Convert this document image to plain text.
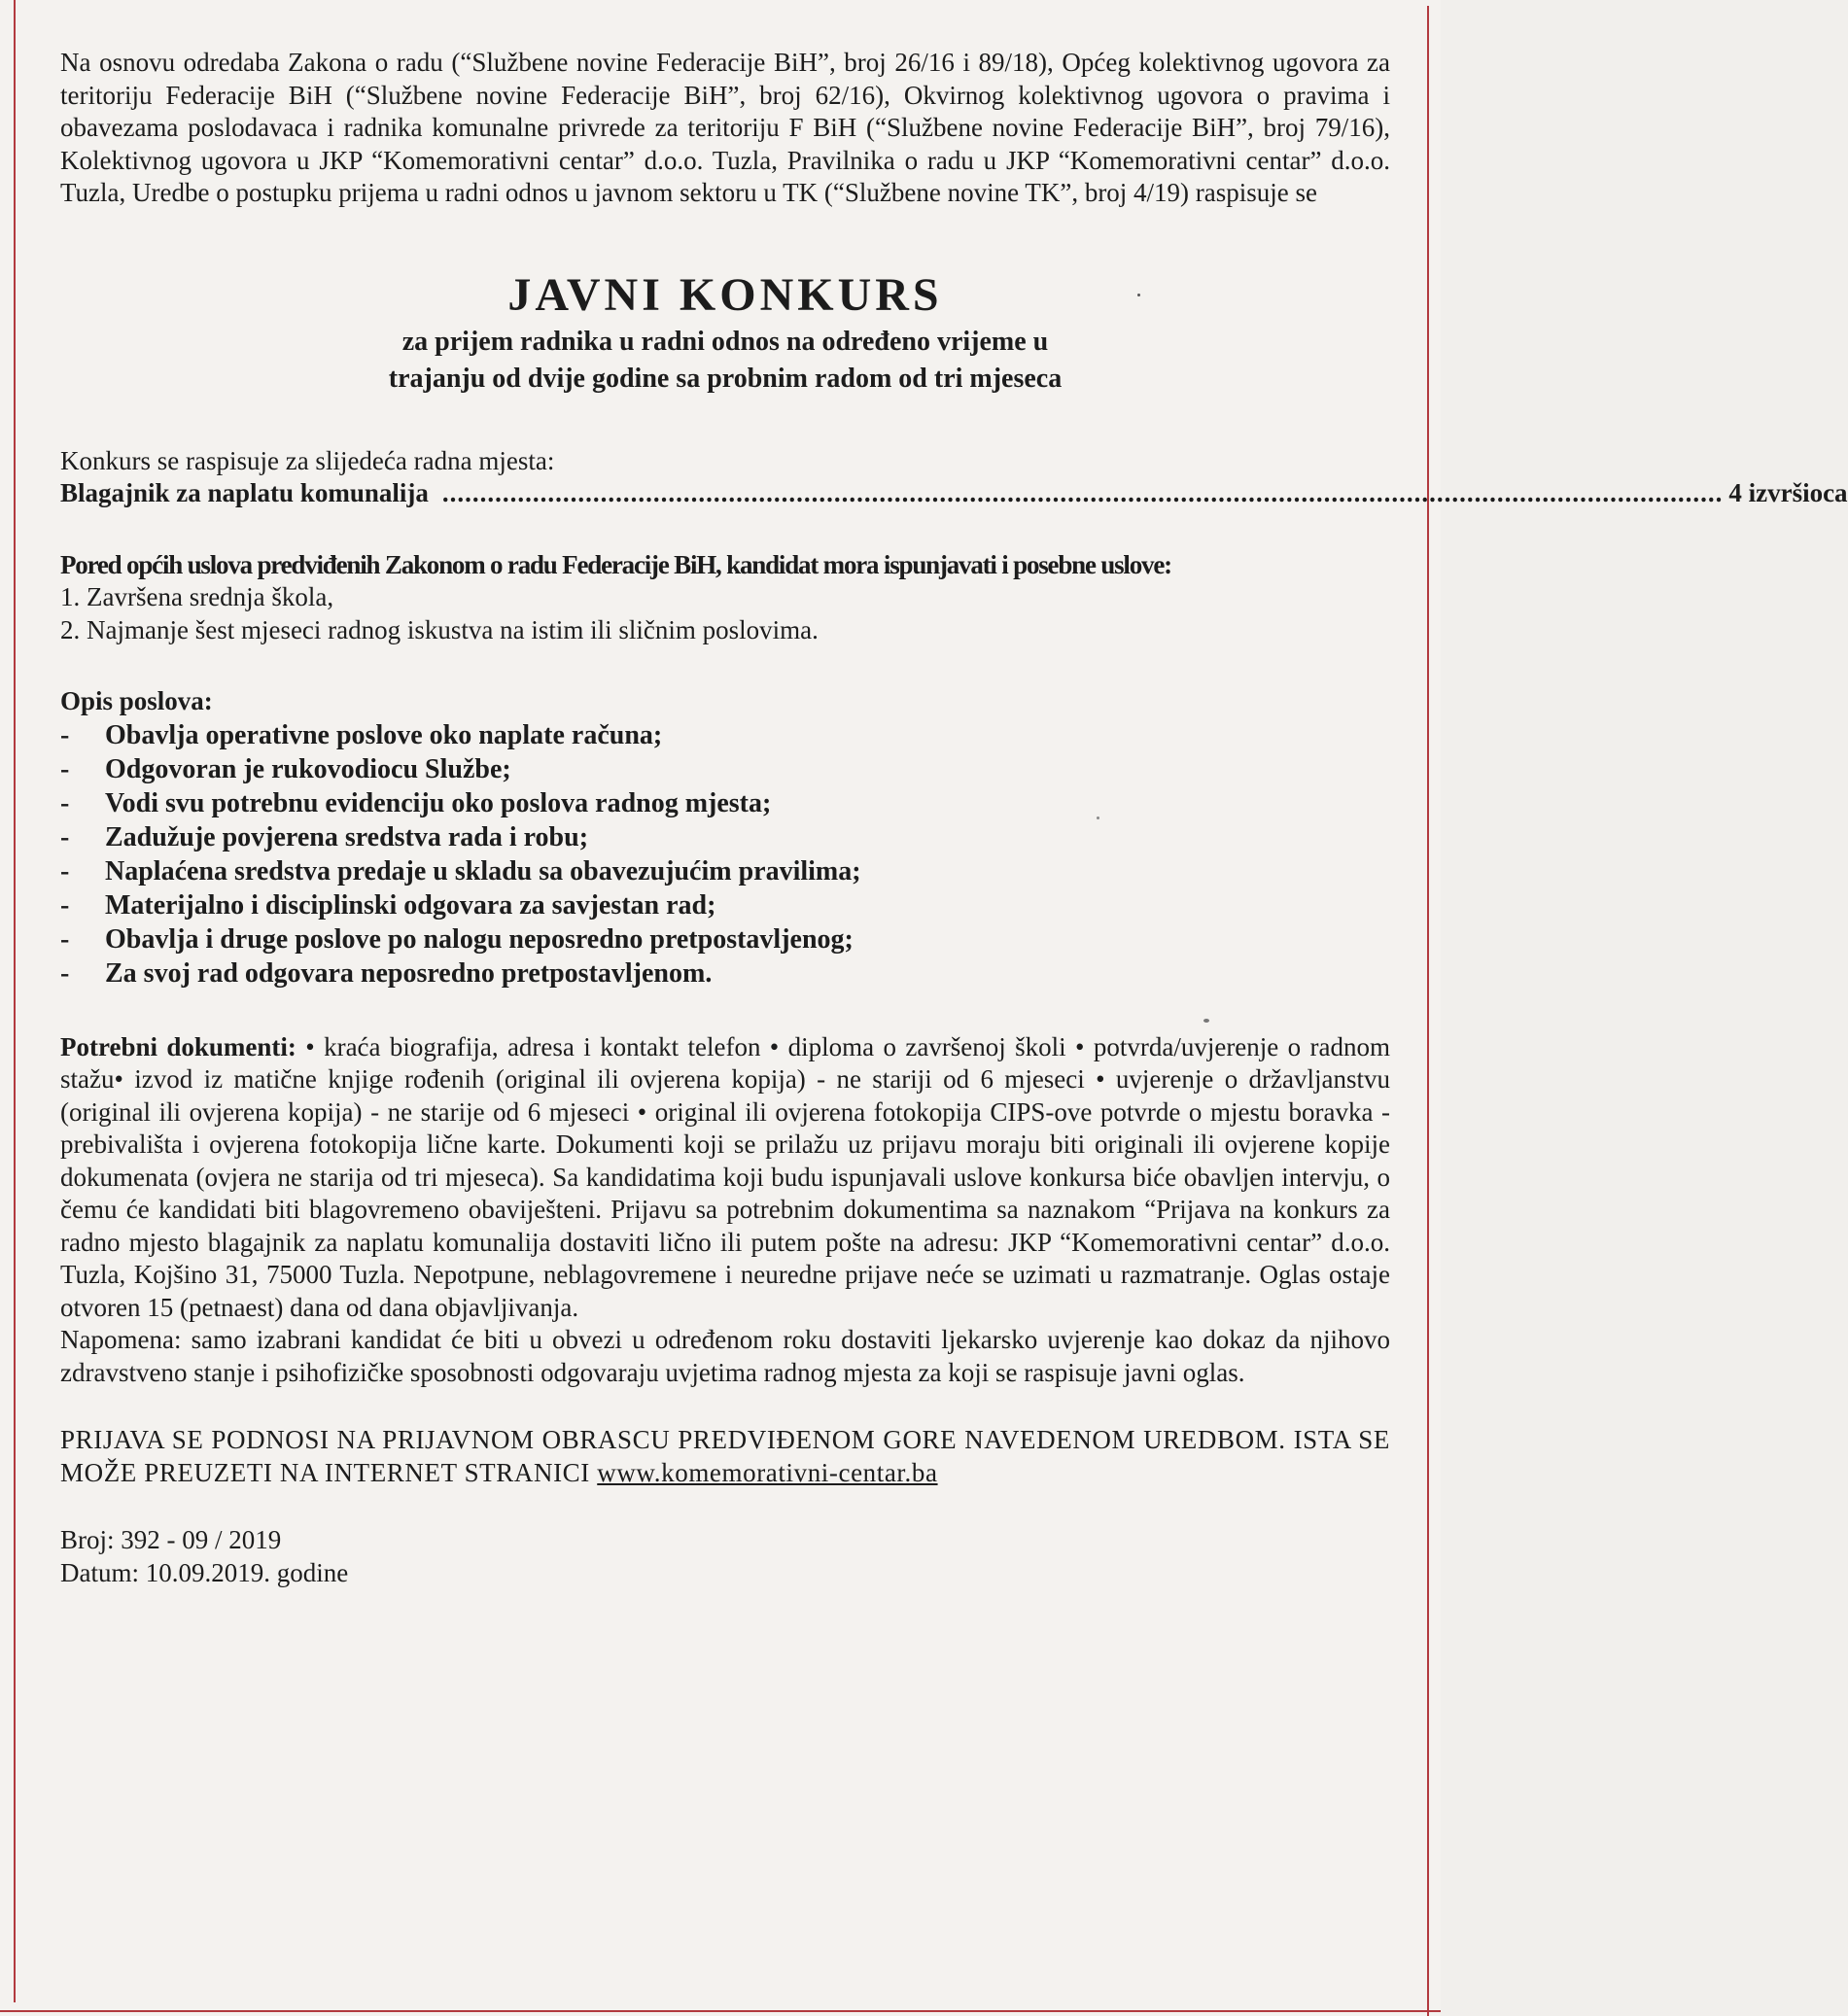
Na osnovu odredaba Zakona o radu (“Službene novine Federacije BiH”, broj 26/16 i 89/18), Općeg kolektivnog ugovora za teritoriju Federacije BiH (“Službene novine Federacije BiH”, broj 62/16), Okvirnog kolektivnog ugovora o pravima i obavezama poslodavaca i radnika komunalne privrede za teritoriju F BiH (“Službene novine Federacije BiH”, broj 79/16), Kolektivnog ugovora u JKP “Komemorativni centar” d.o.o. Tuzla, Pravilnika o radu u JKP “Komemorativni centar” d.o.o. Tuzla, Uredbe o postupku prijema u radni odnos u javnom sektoru u TK (“Službene novine TK”, broj 4/19) raspisuje se
JAVNI KONKURS
za prijem radnika u radni odnos na određeno vrijeme u
trajanju od dvije godine sa probnim radom od tri mjeseca
Konkurs se raspisuje za slijedeća radna mjesta:
Blagajnik za naplatu komunalija .......................................................................................................................................................................... 4 izvršioca
Pored općih uslova predviđenih Zakonom o radu Federacije BiH, kandidat mora ispunjavati i posebne uslove:
1. Završena srednja škola,
2. Najmanje šest mjeseci radnog iskustva na istim ili sličnim poslovima.
Opis poslova:
-	Obavlja operativne poslove oko naplate računa;
-	Odgovoran je rukovodiocu Službe;
-	Vodi svu potrebnu evidenciju oko poslova radnog mjesta;
-	Zadužuje povjerena sredstva rada i robu;
-	Naplaćena sredstva predaje u skladu sa obavezujućim pravilima;
-	Materijalno i disciplinski odgovara za savjestan rad;
-	Obavlja i druge poslove po nalogu neposredno pretpostavljenog;
-	Za svoj rad odgovara neposredno pretpostavljenom.
Potrebni dokumenti: • kraća biografija, adresa i kontakt telefon • diploma o završenoj školi • potvrda/uvjerenje o radnom stažu• izvod iz matične knjige rođenih (original ili ovjerena kopija) - ne stariji od 6 mjeseci • uvjerenje o državljanstvu (original ili ovjerena kopija) - ne starije od 6 mjeseci • original ili ovjerena fotokopija CIPS-ove potvrde o mjestu boravka - prebivališta i ovjerena fotokopija lične karte. Dokumenti koji se prilažu uz prijavu moraju biti originali ili ovjerene kopije dokumenata (ovjera ne starija od tri mjeseca). Sa kandidatima koji budu ispunjavali uslove konkursa biće obavljen intervju, o čemu će kandidati biti blagovremeno obaviješteni. Prijavu sa potrebnim dokumentima sa naznakom “Prijava na konkurs za radno mjesto blagajnik za naplatu komunalija dostaviti lično ili putem pošte na adresu: JKP “Komemorativni centar” d.o.o. Tuzla, Kojšino 31, 75000 Tuzla. Nepotpune, neblagovremene i neuredne prijave neće se uzimati u razmatranje. Oglas ostaje otvoren 15 (petnaest) dana od dana objavljivanja.
Napomena: samo izabrani kandidat će biti u obvezi u određenom roku dostaviti ljekarsko uvjerenje kao dokaz da njihovo zdravstveno stanje i psihofizičke sposobnosti odgovaraju uvjetima radnog mjesta za koji se raspisuje javni oglas.
PRIJAVA SE PODNOSI NA PRIJAVNOM OBRASCU PREDVIĐENOM GORE NAVEDENOM UREDBOM. ISTA SE MOŽE PREUZETI NA INTERNET STRANICI www.komemorativni-centar.ba
Broj: 392 - 09 / 2019
Datum: 10.09.2019. godine
